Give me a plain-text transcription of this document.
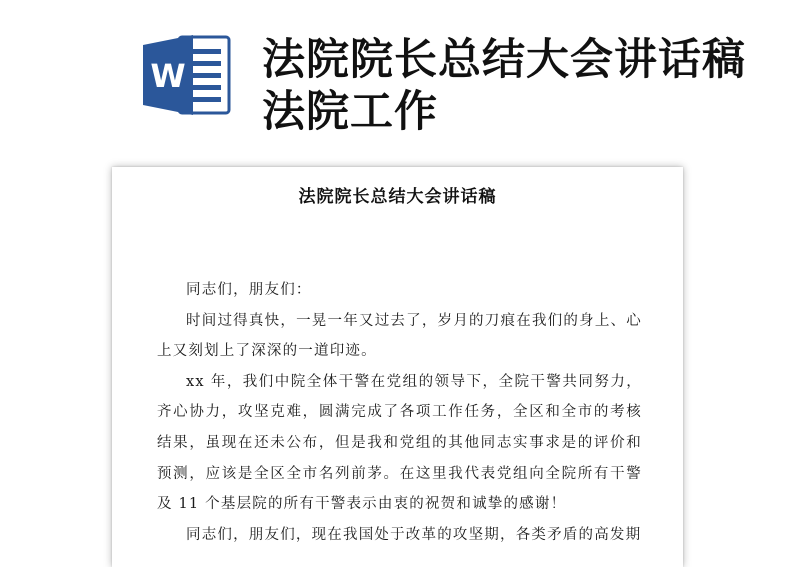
W 法院院长总结大会讲话稿法院工作
法院院长总结大会讲话稿

同志们，朋友们：

时间过得真快，一晃一年又过去了，岁月的刀痕在我们的身上、心上又刻划上了深深的一道印迹。

xx 年，我们中院全体干警在党组的领导下，全院干警共同努力，齐心协力，攻坚克难，圆满完成了各项工作任务，全区和全市的考核结果，虽现在还未公布，但是我和党组的其他同志实事求是的评价和预测，应该是全区全市名列前茅。在这里我代表党组向全院所有干警及 11 个基层院的所有干警表示由衷的祝贺和诚挚的感谢！

同志们，朋友们，现在我国处于改革的攻坚期，各类矛盾的高发期
